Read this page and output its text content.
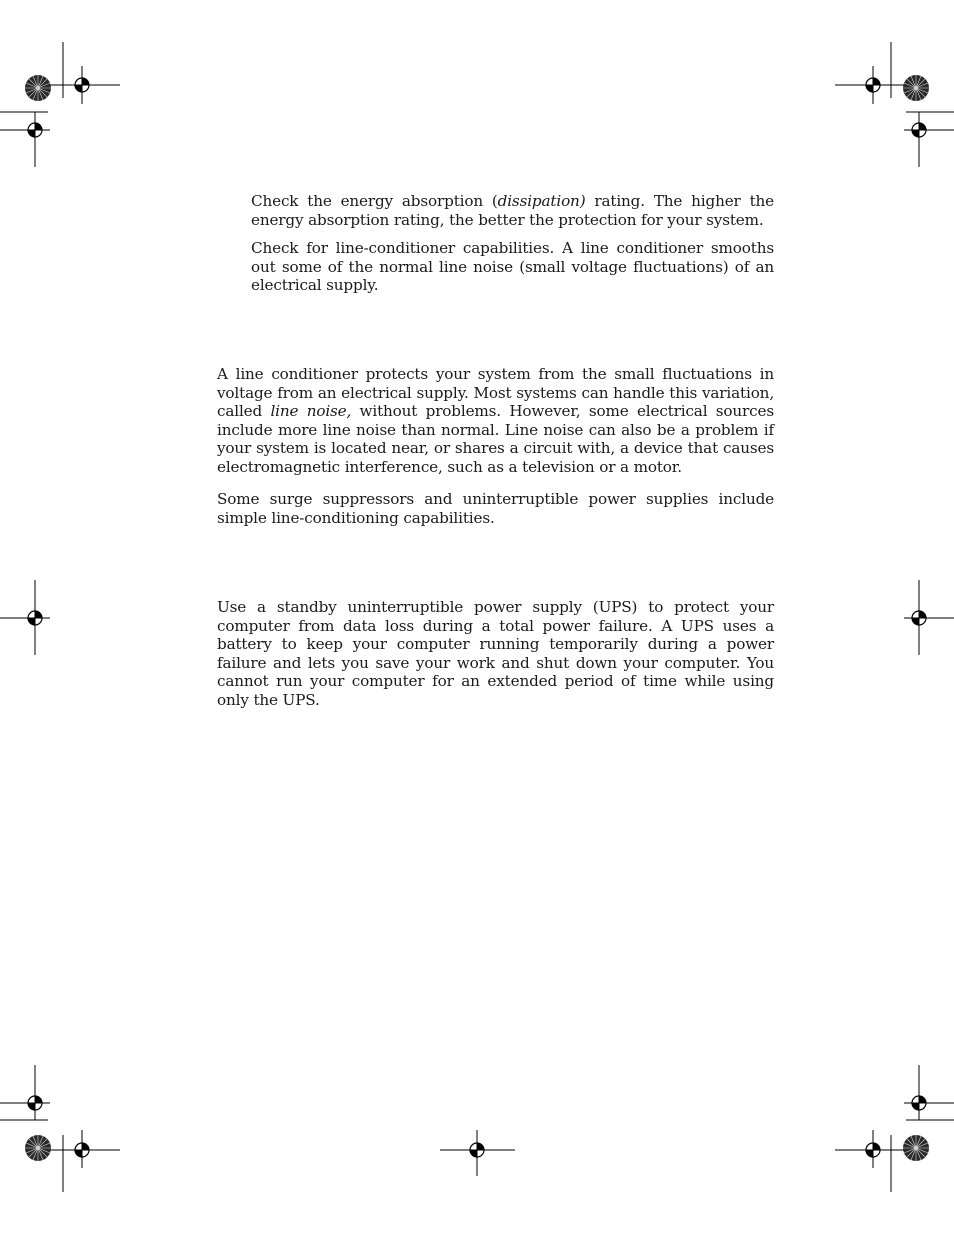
Check the energy absorption (dissipation) rating. The higher the energy absorption rating, the better the protection for your system.

Check for line-conditioner capabilities. A line conditioner smooths out some of the normal line noise (small voltage fluctuations) of an electrical supply.

A line conditioner protects your system from the small fluctuations in voltage from an electrical supply. Most systems can handle this variation, called line noise, without problems. However, some electrical sources include more line noise than normal. Line noise can also be a problem if your system is located near, or shares a circuit with, a device that causes electromagnetic interference, such as a television or a motor.

Some surge suppressors and uninterruptible power supplies include simple line-conditioning capabilities.

Use a standby uninterruptible power supply (UPS) to protect your computer from data loss during a total power failure. A UPS uses a battery to keep your computer running temporarily during a power failure and lets you save your work and shut down your computer. You cannot run your computer for an extended period of time while using only the UPS.
